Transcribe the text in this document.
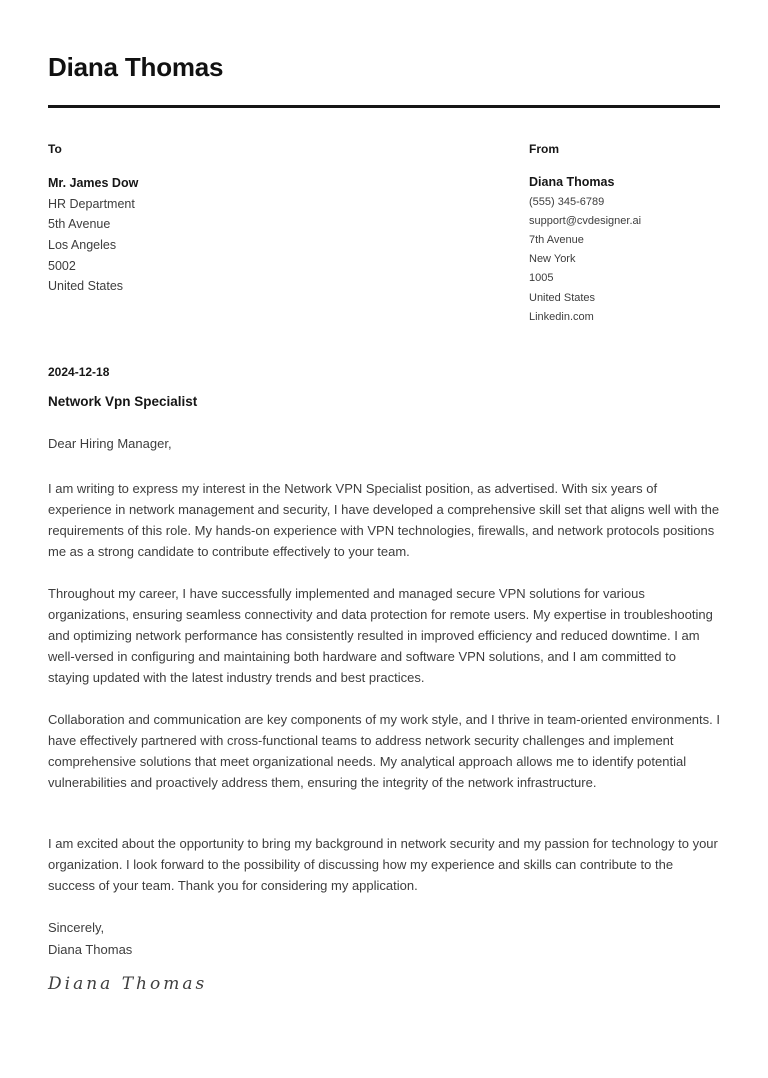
Diana Thomas
To
Mr. James Dow
HR Department
5th Avenue
Los Angeles
5002
United States
From
Diana Thomas
(555) 345-6789
support@cvdesigner.ai
7th Avenue
New York
1005
United States
Linkedin.com
2024-12-18
Network Vpn Specialist

Dear Hiring Manager,

I am writing to express my interest in the Network VPN Specialist position, as advertised. With six years of experience in network management and security, I have developed a comprehensive skill set that aligns well with the requirements of this role. My hands-on experience with VPN technologies, firewalls, and network protocols positions me as a strong candidate to contribute effectively to your team.

Throughout my career, I have successfully implemented and managed secure VPN solutions for various organizations, ensuring seamless connectivity and data protection for remote users. My expertise in troubleshooting and optimizing network performance has consistently resulted in improved efficiency and reduced downtime. I am well-versed in configuring and maintaining both hardware and software VPN solutions, and I am committed to staying updated with the latest industry trends and best practices.

Collaboration and communication are key components of my work style, and I thrive in team-oriented environments. I have effectively partnered with cross-functional teams to address network security challenges and implement comprehensive solutions that meet organizational needs. My analytical approach allows me to identify potential vulnerabilities and proactively address them, ensuring the integrity of the network infrastructure.

I am excited about the opportunity to bring my background in network security and my passion for technology to your organization. I look forward to the possibility of discussing how my experience and skills can contribute to the success of your team. Thank you for considering my application.

Sincerely,
Diana Thomas
Diana Thomas
